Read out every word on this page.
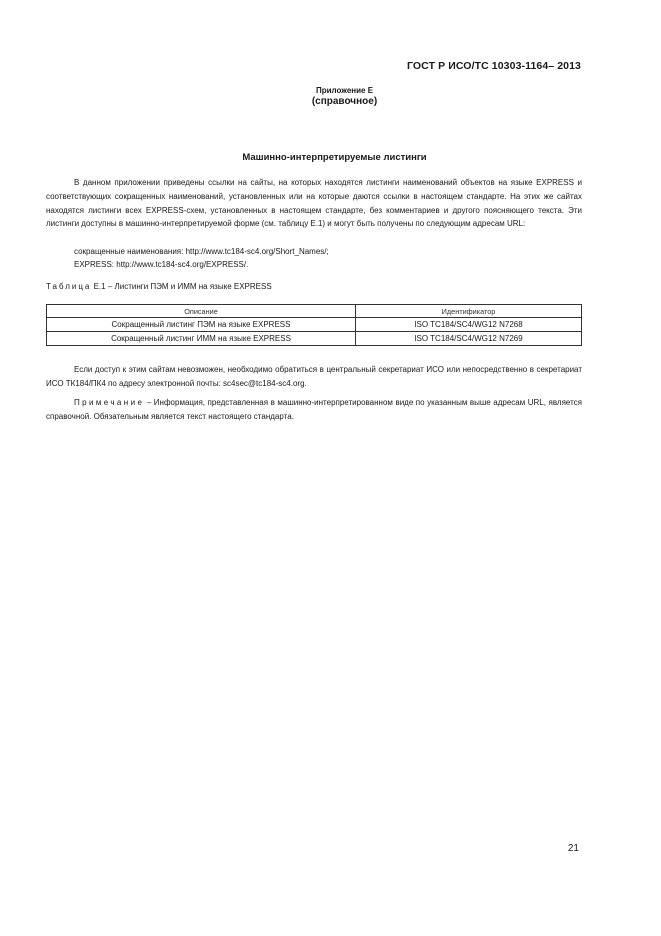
ГОСТ Р ИСО/ТС 10303-1164– 2013
Приложение Е
(справочное)
Машинно-интерпретируемые листинги
В данном приложении приведены ссылки на сайты, на которых находятся листинги наименований объектов на языке EXPRESS и соответствующих сокращенных наименований, установленных или на которые даются ссылки в настоящем стандарте. На этих же сайтах находятся листинги всех EXPRESS-схем, установленных в настоящем стандарте, без комментариев и другого поясняющего текста. Эти листинги доступны в машинно-интерпретируемой форме (см. таблицу Е.1) и могут быть получены по следующим адресам URL:
сокращенные наименования: http://www.tc184-sc4.org/Short_Names/;
EXPRESS: http://www.tc184-sc4.org/EXPRESS/.
Таблица Е.1 – Листинги ПЭМ и ИММ на языке EXPRESS
Описание	Идентификатор
Сокращенный листинг ПЭМ на языке EXPRESS	ISO TC184/SC4/WG12 N7268
Сокращенный листинг ИММ на языке EXPRESS	ISO TC184/SC4/WG12 N7269
Если доступ к этим сайтам невозможен, необходимо обратиться в центральный секретариат ИСО или непосредственно в секретариат ИСО ТК184/ПК4 по адресу электронной почты: sc4sec@tc184-sc4.org.
Примечание – Информация, представленная в машинно-интерпретированном виде по указанным выше адресам URL, является справочной. Обязательным является текст настоящего стандарта.
21
